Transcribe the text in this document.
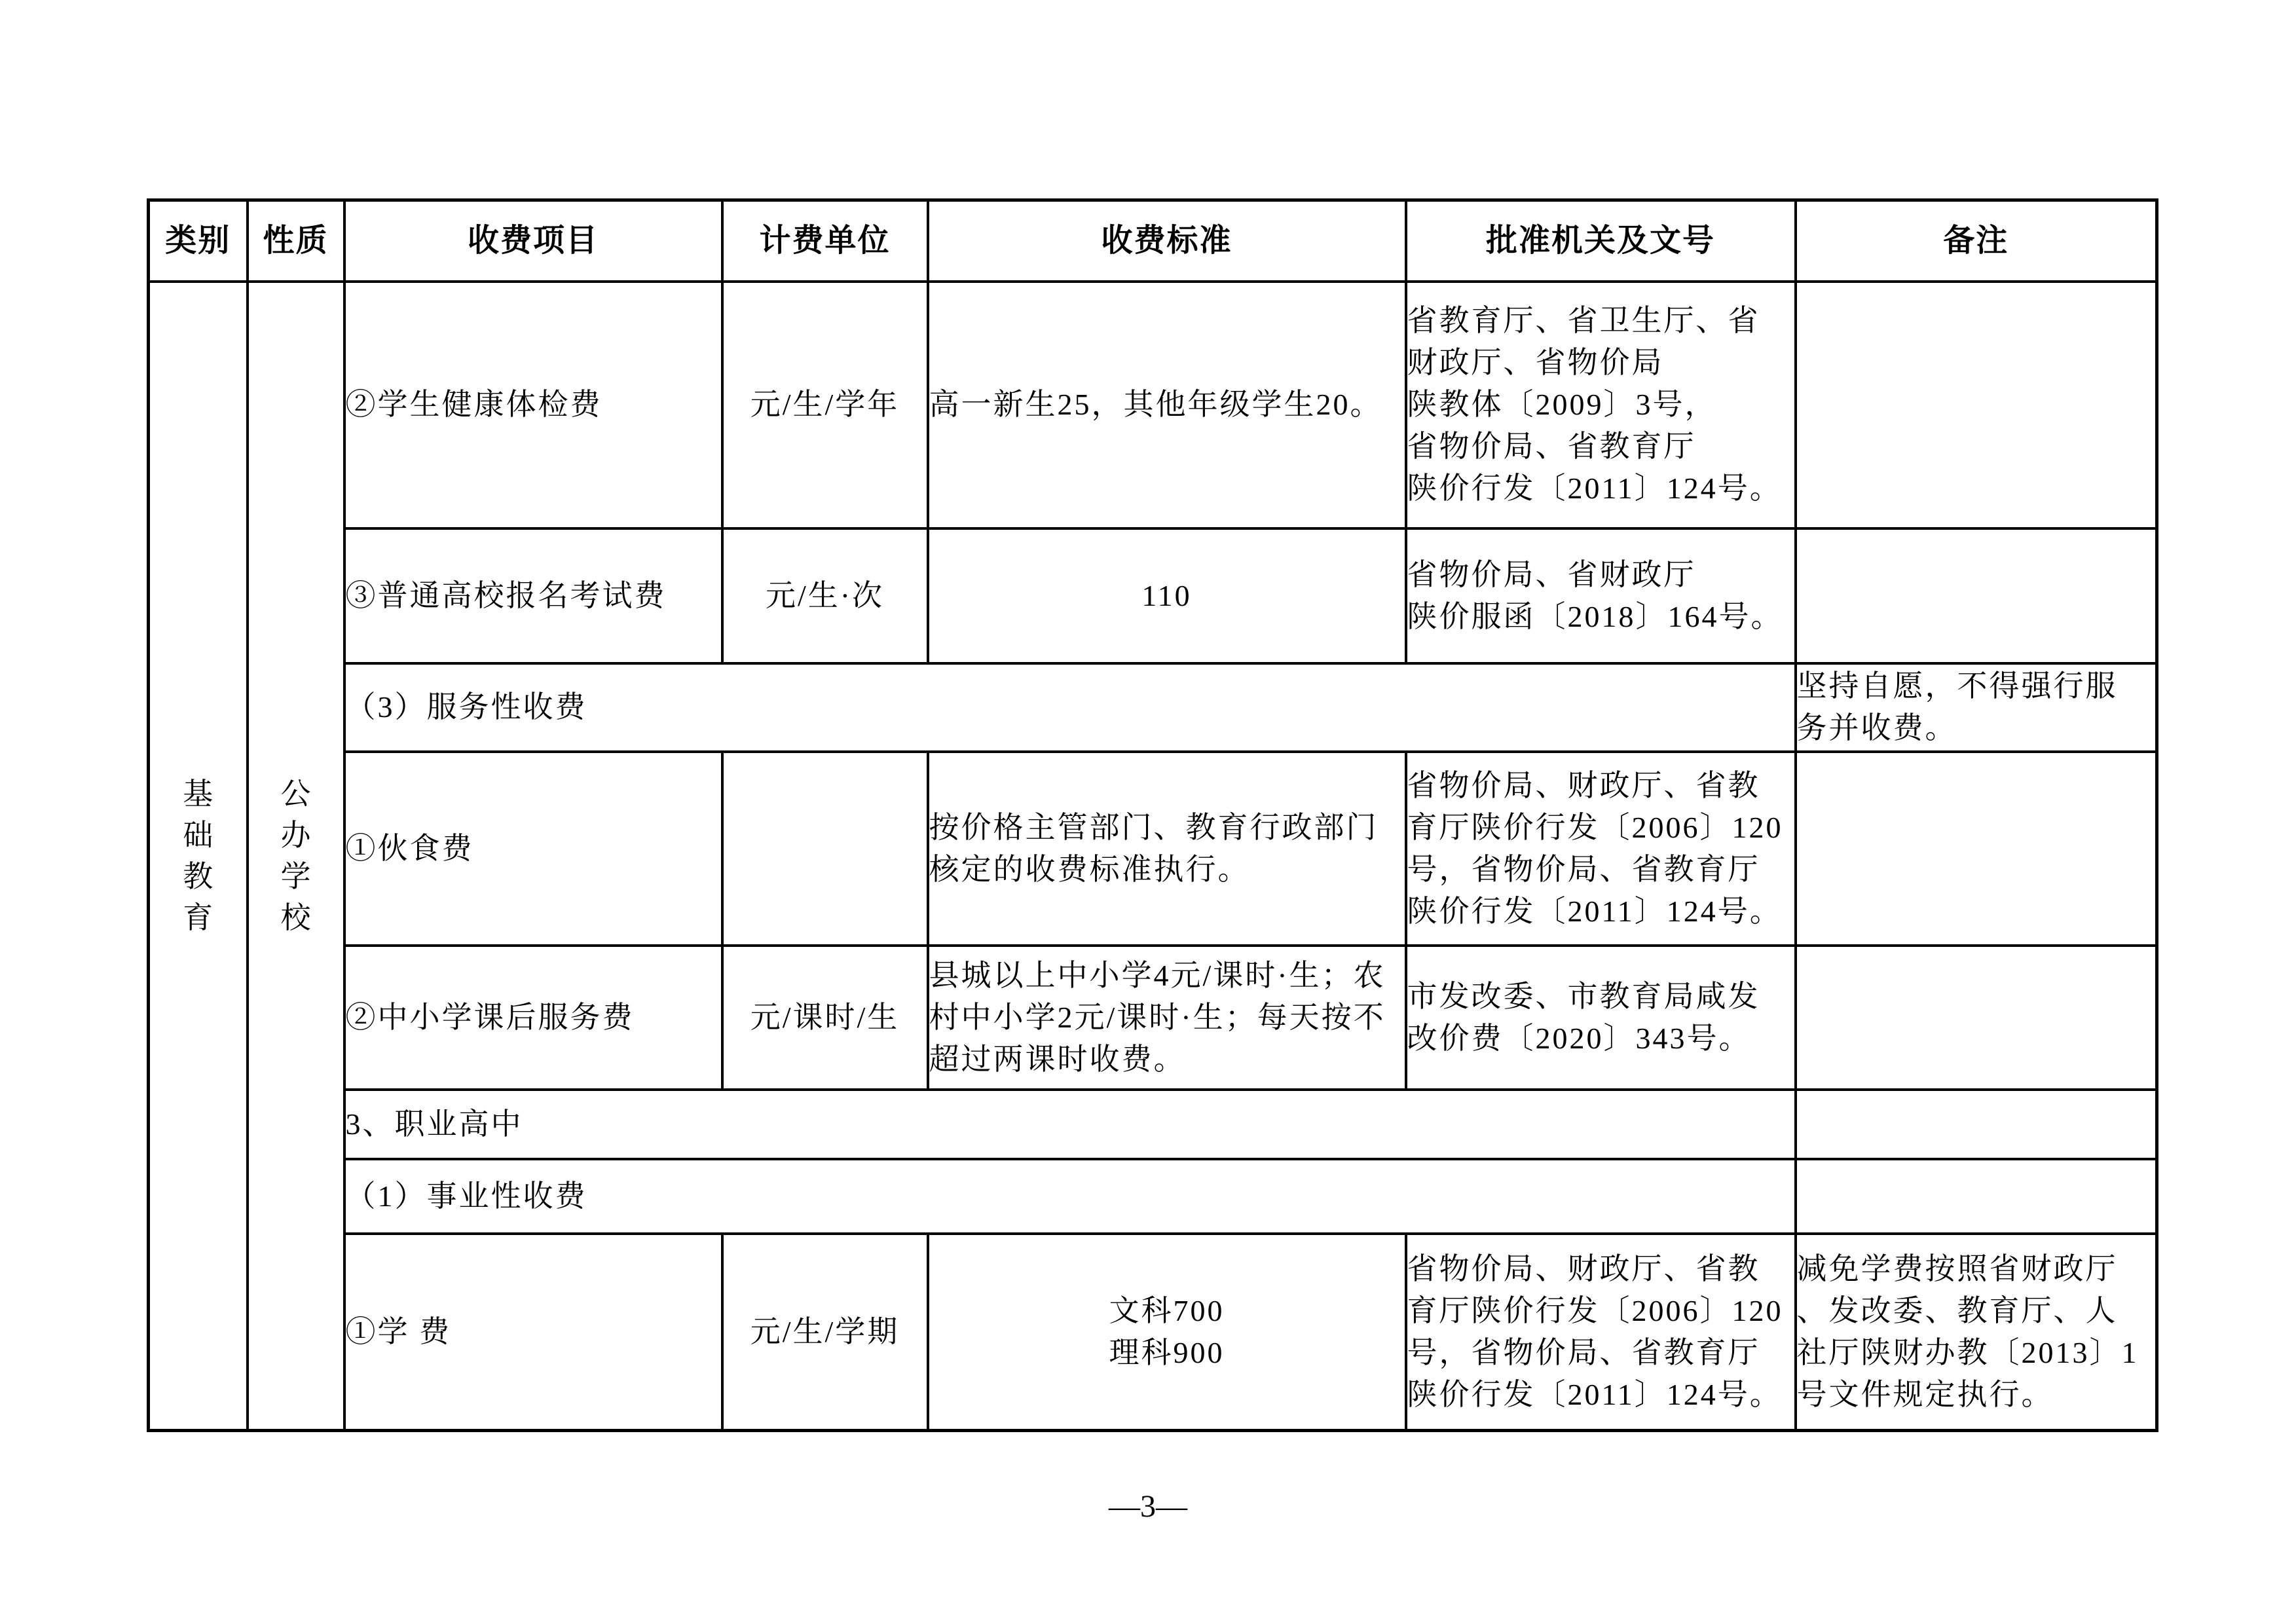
类别	性质	收费项目	计费单位	收费标准	批准机关及文号	备注

基础教育	公办学校	②学生健康体检费	元/生/学年	高一新生25，其他年级学生20。	省教育厅、省卫生厅、省
财政厅、省物价局
陕教体〔2009〕3号，
省物价局、省教育厅
陕价行发〔2011〕124号。	

		③普通高校报名考试费	元/生·次	110	省物价局、省财政厅
陕价服函〔2018〕164号。	

		（3）服务性收费				坚持自愿，不得强行服
务并收费。

		①伙食费		按价格主管部门、教育行政部门
核定的收费标准执行。	省物价局、财政厅、省教
育厅陕价行发〔2006〕120
号，省物价局、省教育厅
陕价行发〔2011〕124号。	

		②中小学课后服务费	元/课时/生	县城以上中小学4元/课时·生；农
村中小学2元/课时·生；每天按不
超过两课时收费。	市发改委、市教育局咸发
改价费〔2020〕343号。	

		3、职业高中				
		（1）事业性收费				
		①学 费	元/生/学期	文科700
理科900	省物价局、财政厅、省教
育厅陕价行发〔2006〕120
号，省物价局、省教育厅
陕价行发〔2011〕124号。	减免学费按照省财政厅
、发改委、教育厅、人
社厅陕财办教〔2013〕1
号文件规定执行。
—3—
